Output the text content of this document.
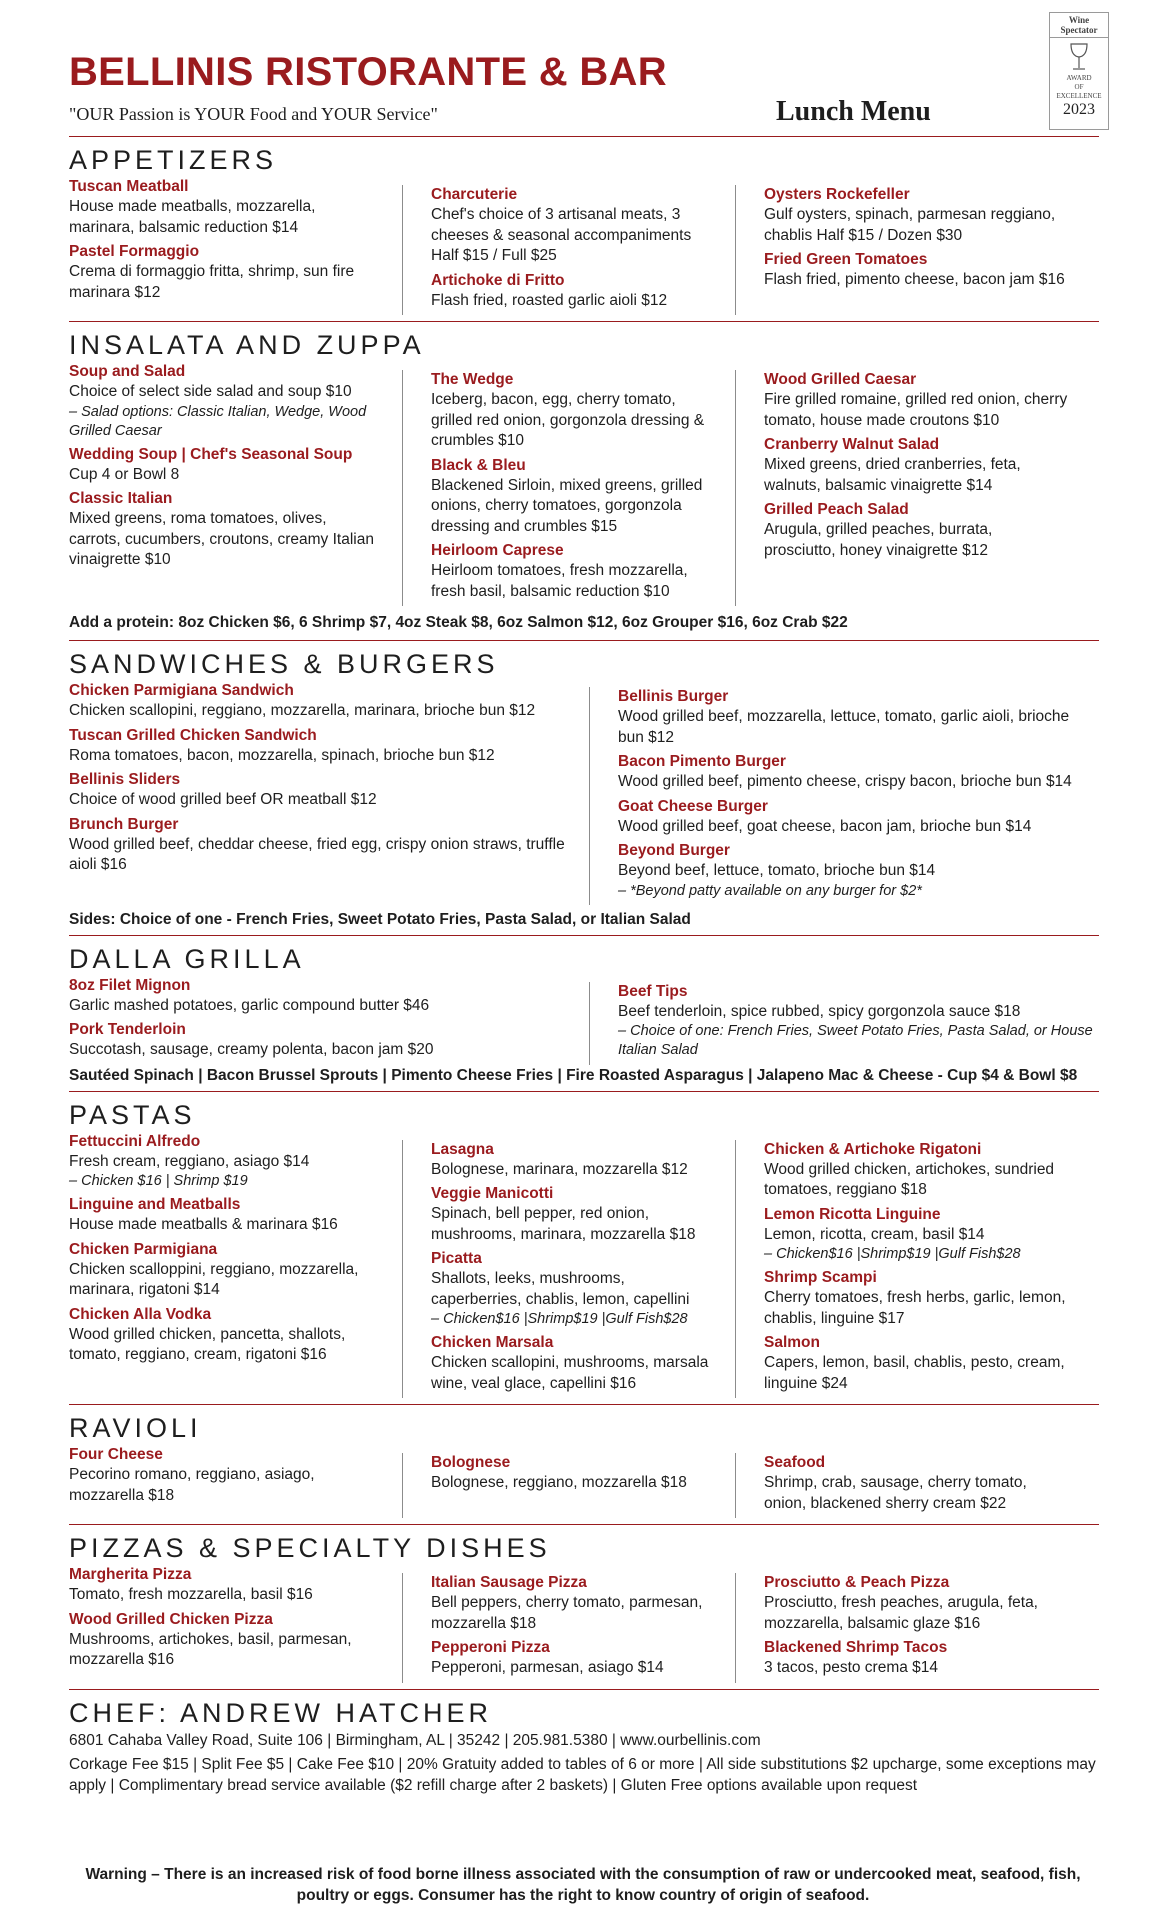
BELLINIS RISTORANTE & BAR
"OUR Passion is YOUR Food and YOUR Service"	Lunch Menu
Wine Spectator
AWARD
OF
EXCELLENCE
2023
APPETIZERS
Tuscan Meatball
House made meatballs, mozzarella, marinara, balsamic reduction $14
Pastel Formaggio
Crema di formaggio fritta, shrimp, sun fire marinara $12
Charcuterie
Chef's choice of 3 artisanal meats, 3 cheeses & seasonal accompaniments Half $15 / Full $25
Artichoke di Fritto
Flash fried, roasted garlic aioli $12
Oysters Rockefeller
Gulf oysters, spinach, parmesan reggiano, chablis Half $15 / Dozen $30
Fried Green Tomatoes
Flash fried, pimento cheese, bacon jam $16
INSALATA AND ZUPPA
Soup and Salad
Choice of select side salad and soup $10
– Salad options: Classic Italian, Wedge, Wood Grilled Caesar
Wedding Soup | Chef's Seasonal Soup
Cup 4 or Bowl 8
Classic Italian
Mixed greens, roma tomatoes, olives, carrots, cucumbers, croutons, creamy Italian vinaigrette $10
The Wedge
Iceberg, bacon, egg, cherry tomato, grilled red onion, gorgonzola dressing & crumbles $10
Black & Bleu
Blackened Sirloin, mixed greens, grilled onions, cherry tomatoes, gorgonzola dressing and crumbles $15
Heirloom Caprese
Heirloom tomatoes, fresh mozzarella, fresh basil, balsamic reduction $10
Wood Grilled Caesar
Fire grilled romaine, grilled red onion, cherry tomato, house made croutons $10
Cranberry Walnut Salad
Mixed greens, dried cranberries, feta, walnuts, balsamic vinaigrette $14
Grilled Peach Salad
Arugula, grilled peaches, burrata, prosciutto, honey vinaigrette $12
Add a protein: 8oz Chicken $6, 6 Shrimp $7, 4oz Steak $8, 6oz Salmon $12, 6oz Grouper $16, 6oz Crab $22
SANDWICHES & BURGERS
Chicken Parmigiana Sandwich
Chicken scallopini, reggiano, mozzarella, marinara, brioche bun $12
Tuscan Grilled Chicken Sandwich
Roma tomatoes, bacon, mozzarella, spinach, brioche bun $12
Bellinis Sliders
Choice of wood grilled beef OR meatball $12
Brunch Burger
Wood grilled beef, cheddar cheese, fried egg, crispy onion straws, truffle aioli $16
Bellinis Burger
Wood grilled beef, mozzarella, lettuce, tomato, garlic aioli, brioche bun $12
Bacon Pimento Burger
Wood grilled beef, pimento cheese, crispy bacon, brioche bun $14
Goat Cheese Burger
Wood grilled beef, goat cheese, bacon jam, brioche bun $14
Beyond Burger
Beyond beef, lettuce, tomato, brioche bun $14
– *Beyond patty available on any burger for $2*
Sides: Choice of one - French Fries, Sweet Potato Fries, Pasta Salad, or Italian Salad
DALLA GRILLA
8oz Filet Mignon
Garlic mashed potatoes, garlic compound butter $46
Pork Tenderloin
Succotash, sausage, creamy polenta, bacon jam $20
Beef Tips
Beef tenderloin, spice rubbed, spicy gorgonzola sauce $18
– Choice of one: French Fries, Sweet Potato Fries, Pasta Salad, or House Italian Salad
Sautéed Spinach | Bacon Brussel Sprouts | Pimento Cheese Fries | Fire Roasted Asparagus | Jalapeno Mac & Cheese - Cup $4 & Bowl $8
PASTAS
Fettuccini Alfredo
Fresh cream, reggiano, asiago $14
– Chicken $16 | Shrimp $19
Linguine and Meatballs
House made meatballs & marinara $16
Chicken Parmigiana
Chicken scalloppini, reggiano, mozzarella, marinara, rigatoni $14
Chicken Alla Vodka
Wood grilled chicken, pancetta, shallots, tomato, reggiano, cream, rigatoni $16
Lasagna
Bolognese, marinara, mozzarella $12
Veggie Manicotti
Spinach, bell pepper, red onion, mushrooms, marinara, mozzarella $18
Picatta
Shallots, leeks, mushrooms, caperberries, chablis, lemon, capellini
– Chicken$16 |Shrimp$19 |Gulf Fish$28
Chicken Marsala
Chicken scallopini, mushrooms, marsala wine, veal glace, capellini $16
Chicken & Artichoke Rigatoni
Wood grilled chicken, artichokes, sundried tomatoes, reggiano $18
Lemon Ricotta Linguine
Lemon, ricotta, cream, basil $14
– Chicken$16 |Shrimp$19 |Gulf Fish$28
Shrimp Scampi
Cherry tomatoes, fresh herbs, garlic, lemon, chablis, linguine $17
Salmon
Capers, lemon, basil, chablis, pesto, cream, linguine $24
RAVIOLI
Four Cheese
Pecorino romano, reggiano, asiago, mozzarella $18
Bolognese
Bolognese, reggiano, mozzarella $18
Seafood
Shrimp, crab, sausage, cherry tomato, onion, blackened sherry cream $22
PIZZAS & SPECIALTY DISHES
Margherita Pizza
Tomato, fresh mozzarella, basil $16
Wood Grilled Chicken Pizza
Mushrooms, artichokes, basil, parmesan, mozzarella $16
Italian Sausage Pizza
Bell peppers, cherry tomato, parmesan, mozzarella $18
Pepperoni Pizza
Pepperoni, parmesan, asiago $14
Prosciutto & Peach Pizza
Prosciutto, fresh peaches, arugula, feta, mozzarella, balsamic glaze $16
Blackened Shrimp Tacos
3 tacos, pesto crema $14
CHEF: ANDREW HATCHER
6801 Cahaba Valley Road, Suite 106 | Birmingham, AL | 35242 | 205.981.5380 | www.ourbellinis.com
Corkage Fee $15 | Split Fee $5 | Cake Fee $10 | 20% Gratuity added to tables of 6 or more | All side substitutions $2 upcharge, some exceptions may apply | Complimentary bread service available ($2 refill charge after 2 baskets) | Gluten Free options available upon request
Warning – There is an increased risk of food borne illness associated with the consumption of raw or undercooked meat, seafood, fish, poultry or eggs. Consumer has the right to know country of origin of seafood.
